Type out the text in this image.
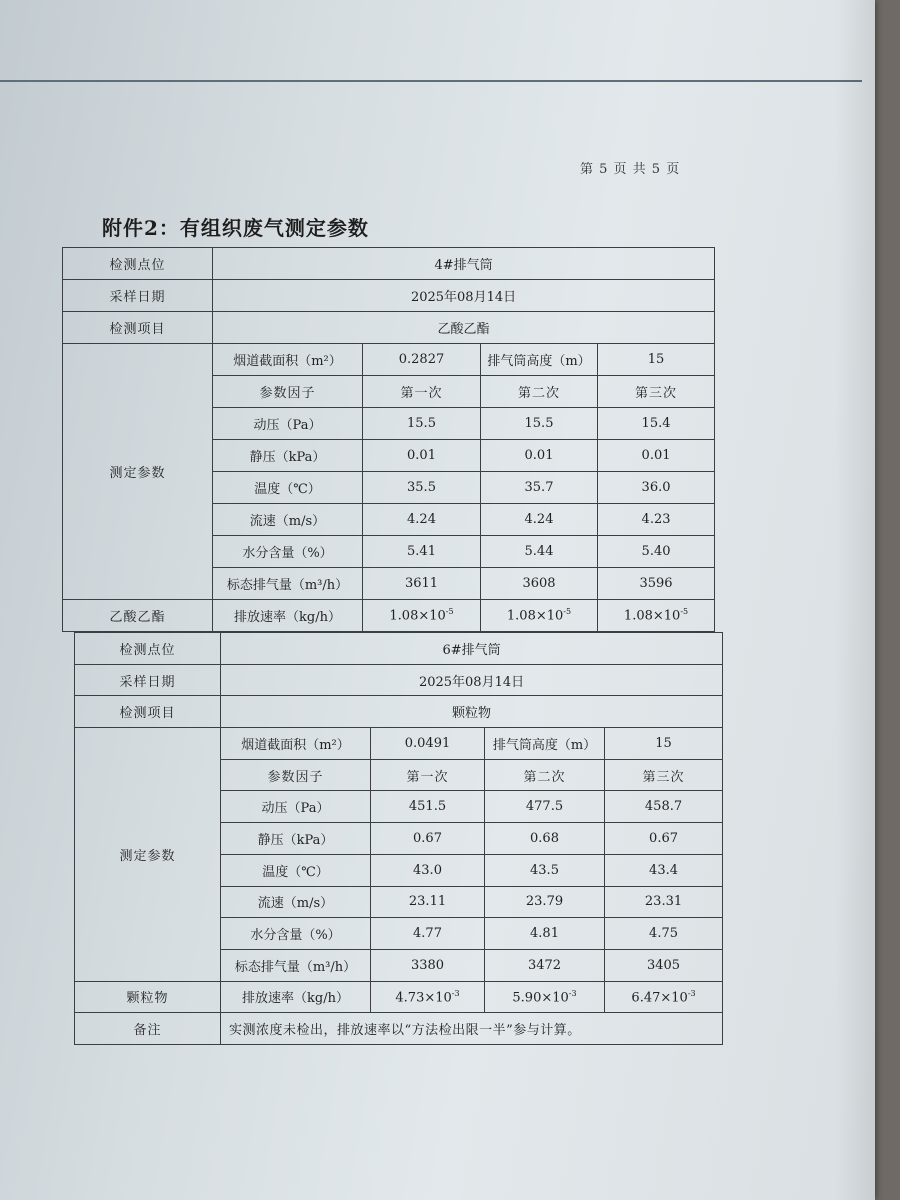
第 5 页 共 5 页
附件2：有组织废气测定参数
检测点位	4#排气筒			
采样日期	2025年08月14日			
检测项目	乙酸乙酯			
测定参数	烟道截面积（m²）	0.2827	排气筒高度（m）	15
	参数因子	第一次	第二次	第三次
	动压（Pa）	15.5	15.5	15.4
	静压（kPa）	0.01	0.01	0.01
	温度（℃）	35.5	35.7	36.0
	流速（m/s）	4.24	4.24	4.23
	水分含量（%）	5.41	5.44	5.40
	标态排气量（m³/h）	3611	3608	3596
乙酸乙酯	排放速率（kg/h）	$1.08\times 10^{-5}$	$1.08\times 10^{-5}$	$1.08\times 10^{-5}$
检测点位	6#排气筒			
采样日期	2025年08月14日			
检测项目	颗粒物			
测定参数	烟道截面积（m²）	0.0491	排气筒高度（m）	15
	参数因子	第一次	第二次	第三次
	动压（Pa）	451.5	477.5	458.7
	静压（kPa）	0.67	0.68	0.67
	温度（℃）	43.0	43.5	43.4
	流速（m/s）	23.11	23.79	23.31
	水分含量（%）	4.77	4.81	4.75
	标态排气量（m³/h）	3380	3472	3405
颗粒物	排放速率（kg/h）	$4.73\times 10^{-3}$	$5.90\times 10^{-3}$	$6.47\times 10^{-3}$
备注	实测浓度未检出，排放速率以“方法检出限一半”参与计算。			
